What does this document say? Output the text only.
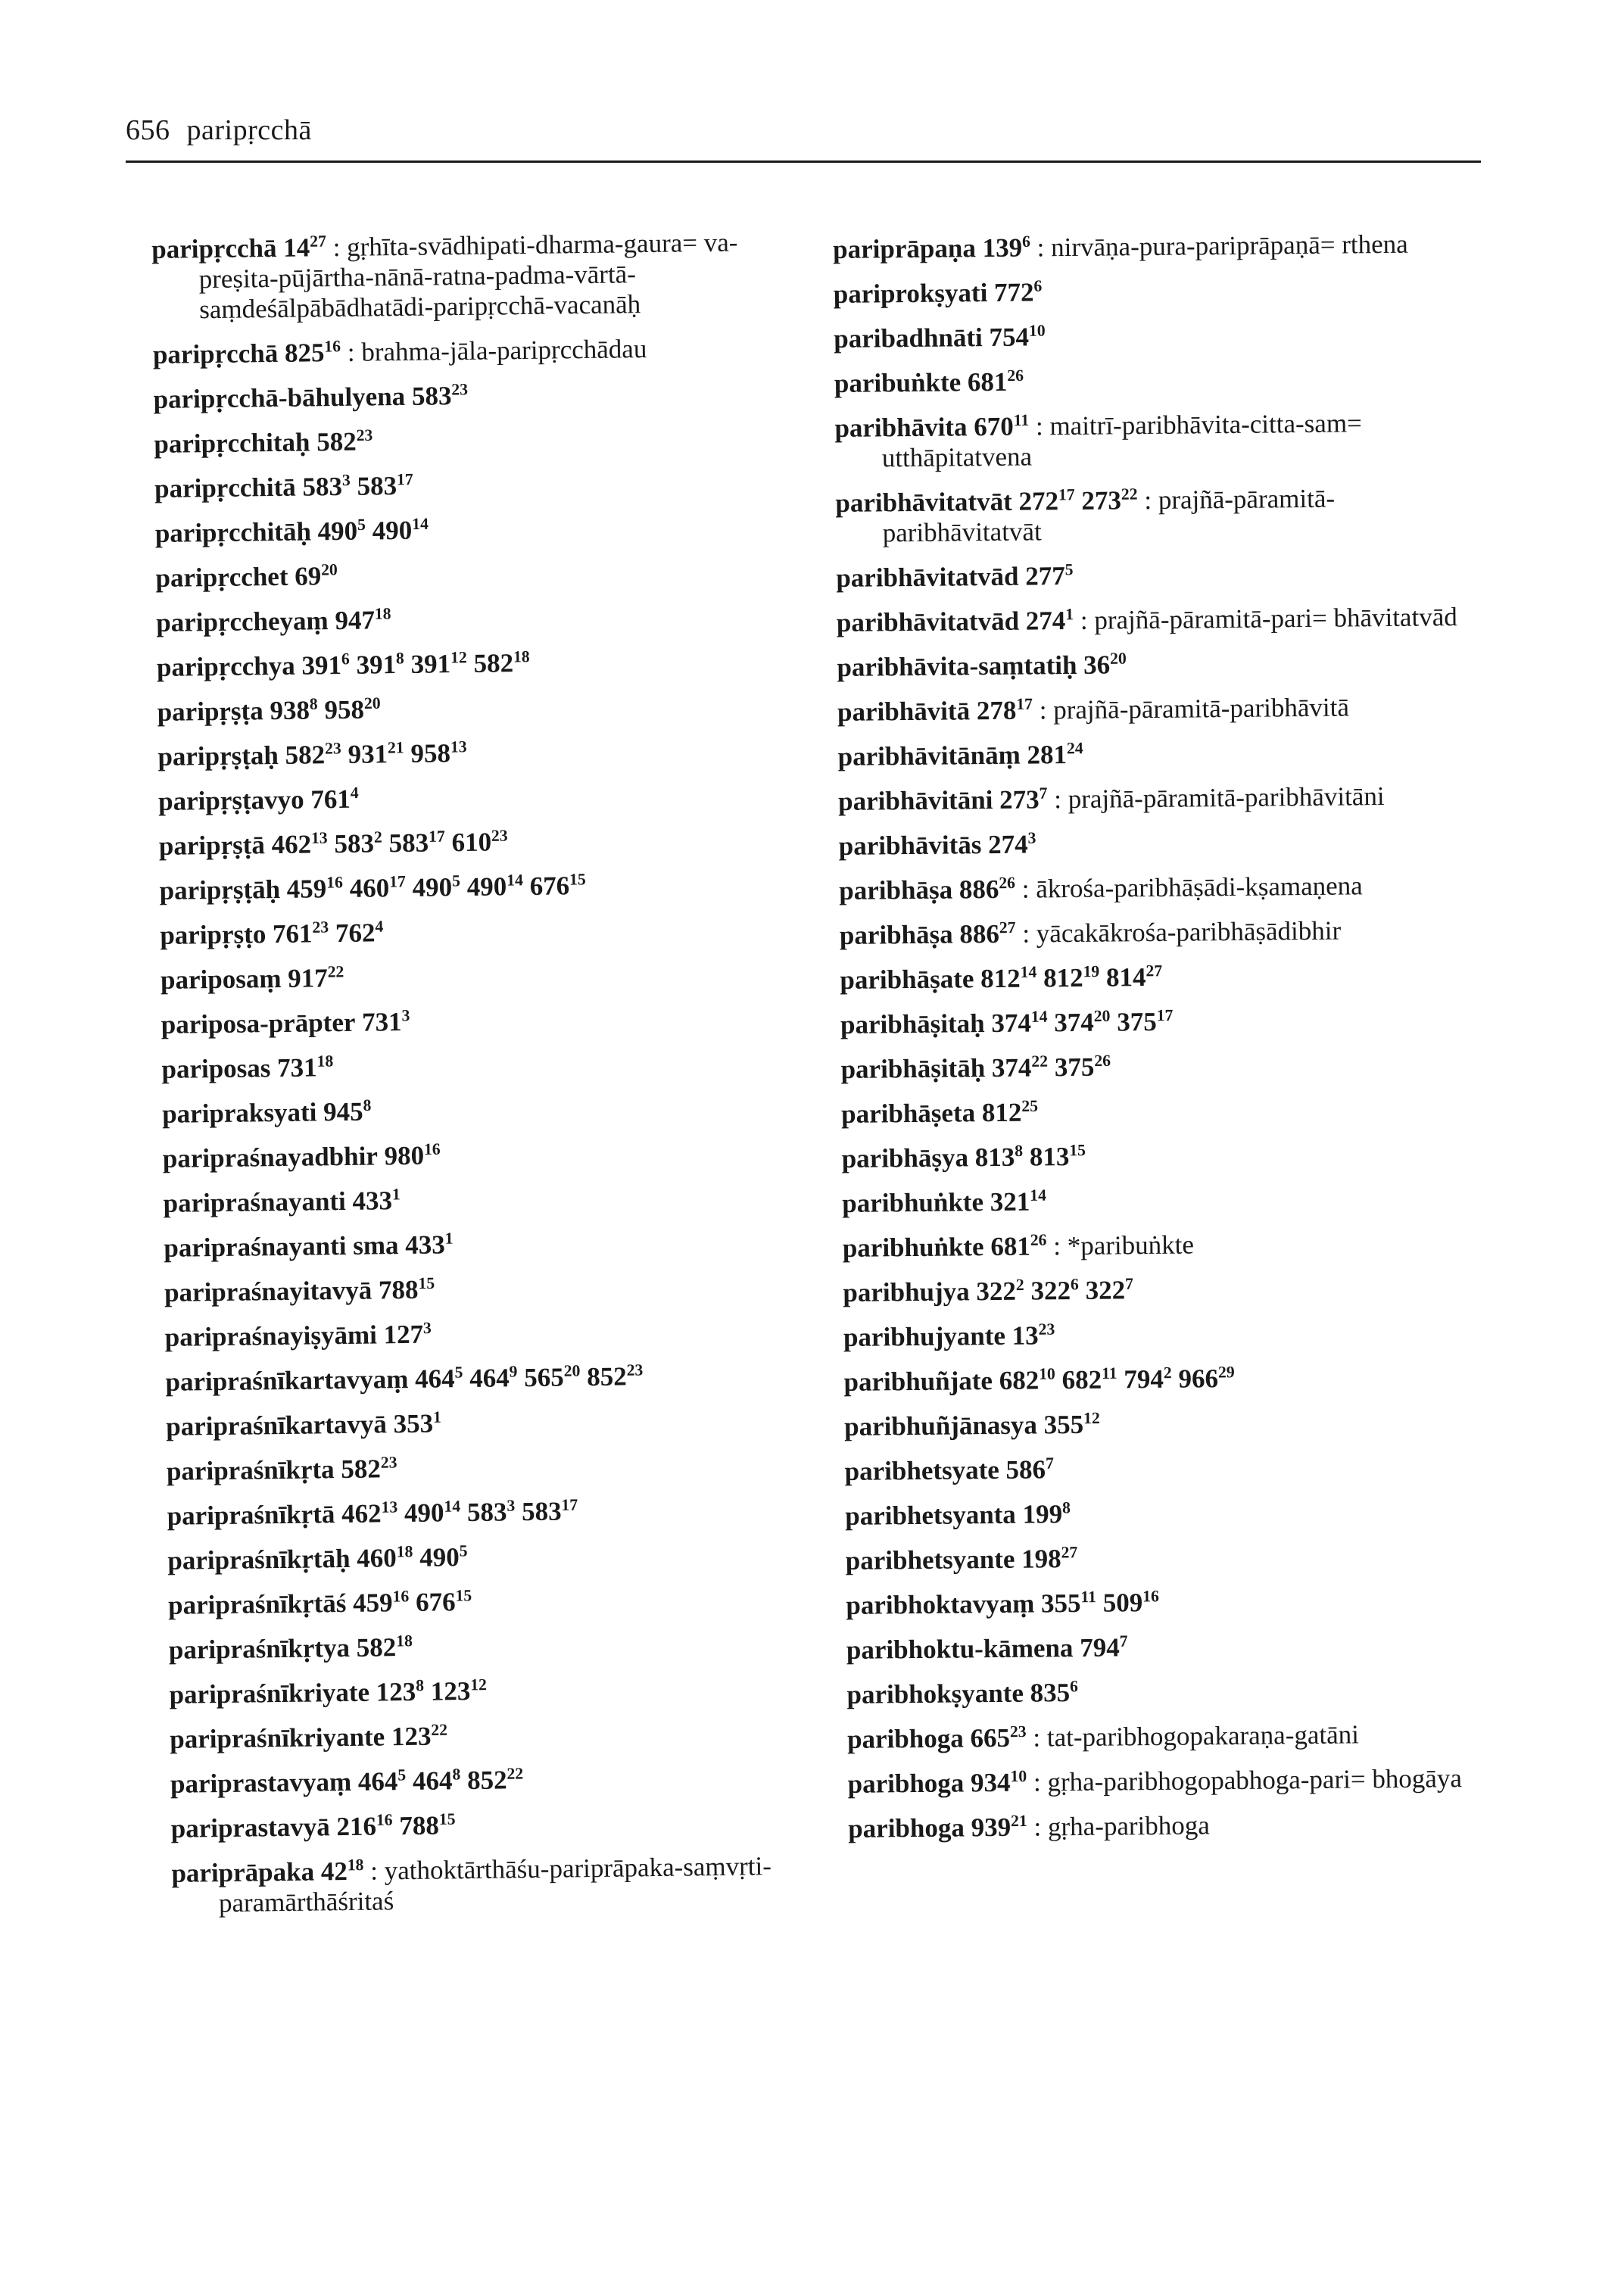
656 paripṛcchā

paripṛcchā $14^{27}$ : gṛhīta-svādhipati-dharma-gaura= va-preṣita-pūjārtha-nānā-ratna-padma-vārtā-saṃdeśālpābādhatādi-paripṛcchā-vacanāḥ

paripṛcchā $825^{16}$ : brahma-jāla-paripṛcchādau

paripṛcchā-bāhulyena $583^{23}$

paripṛcchitaḥ $582^{23}$

paripṛcchitā $583^3$ $583^{17}$

paripṛcchitāḥ $490^5$ $490^{14}$

paripṛcchet $69^{20}$

paripṛccheyaṃ $947^{18}$

paripṛcchya $391^6$ $391^8$ $391^{12}$ $582^{18}$

paripṛṣṭa $938^8$ $958^{20}$

paripṛṣṭaḥ $582^{23}$ $931^{21}$ $958^{13}$

paripṛṣṭavyo $761^4$

paripṛṣṭā $462^{13}$ $583^2$ $583^{17}$ $610^{23}$

paripṛṣṭāḥ $459^{16}$ $460^{17}$ $490^5$ $490^{14}$ $676^{15}$

paripṛṣṭo $761^{23}$ $762^4$

pariposaṃ $917^{22}$

pariposa-prāpter $731^3$

pariposas $731^{18}$

paripraksyati $945^8$

paripraśnayadbhir $980^{16}$

paripraśnayanti $433^1$

paripraśnayanti sma $433^1$

paripraśnayitavyā $788^{15}$

paripraśnayiṣyāmi $127^3$

paripraśnīkartavyaṃ $464^5$ $464^9$ $565^{20}$ $852^{23}$

paripraśnīkartavyā $353^1$

paripraśnīkṛta $582^{23}$

paripraśnīkṛtā $462^{13}$ $490^{14}$ $583^3$ $583^{17}$

paripraśnīkṛtāḥ $460^{18}$ $490^5$

paripraśnīkṛtāś $459^{16}$ $676^{15}$

paripraśnīkṛtya $582^{18}$

paripraśnīkriyate $123^8$ $123^{12}$

paripraśnīkriyante $123^{22}$

pariprastavyaṃ $464^5$ $464^8$ $852^{22}$

pariprastavyā $216^{16}$ $788^{15}$

pariprāpaka $42^{18}$ : yathoktārthāśu-pariprāpaka-saṃvṛti-paramārthāśritaś

pariprāpaṇa $139^6$ : nirvāṇa-pura-pariprāpaṇā= rthena

pariprokṣyati $772^6$

paribadhnāti $754^{10}$

paribuṅkte $681^{26}$

paribhāvita $670^{11}$ : maitrī-paribhāvita-citta-sam= utthāpitatvena

paribhāvitatvāt $272^{17}$ $273^{22}$ : prajñā-pāramitā-paribhāvitatvāt

paribhāvitatvād $277^5$

paribhāvitatvād $274^1$ : prajñā-pāramitā-pari= bhāvitatvād

paribhāvita-saṃtatiḥ $36^{20}$

paribhāvitā $278^{17}$ : prajñā-pāramitā-paribhāvitā

paribhāvitānāṃ $281^{24}$

paribhāvitāni $273^7$ : prajñā-pāramitā-paribhāvitāni

paribhāvitās $274^3$

paribhāṣa $886^{26}$ : ākrośa-paribhāṣādi-kṣamaṇena

paribhāṣa $886^{27}$ : yācakākrośa-paribhāṣādibhir

paribhāṣate $812^{14}$ $812^{19}$ $814^{27}$

paribhāṣitaḥ $374^{14}$ $374^{20}$ $375^{17}$

paribhāṣitāḥ $374^{22}$ $375^{26}$

paribhāṣeta $812^{25}$

paribhāṣya $813^8$ $813^{15}$

paribhuṅkte $321^{14}$

paribhuṅkte $681^{26}$ : *paribuṅkte

paribhujya $322^2$ $322^6$ $322^7$

paribhujyante $13^{23}$

paribhuñjate $682^{10}$ $682^{11}$ $794^2$ $966^{29}$

paribhuñjānasya $355^{12}$

paribhetsyate $586^7$

paribhetsyanta $199^8$

paribhetsyante $198^{27}$

paribhoktavyaṃ $355^{11}$ $509^{16}$

paribhoktu-kāmena $794^7$

paribhokṣyante $835^6$

paribhoga $665^{23}$ : tat-paribhogopakaraṇa-gatāni

paribhoga $934^{10}$ : gṛha-paribhogopabhoga-pari= bhogāya

paribhoga $939^{21}$ : gṛha-paribhoga
